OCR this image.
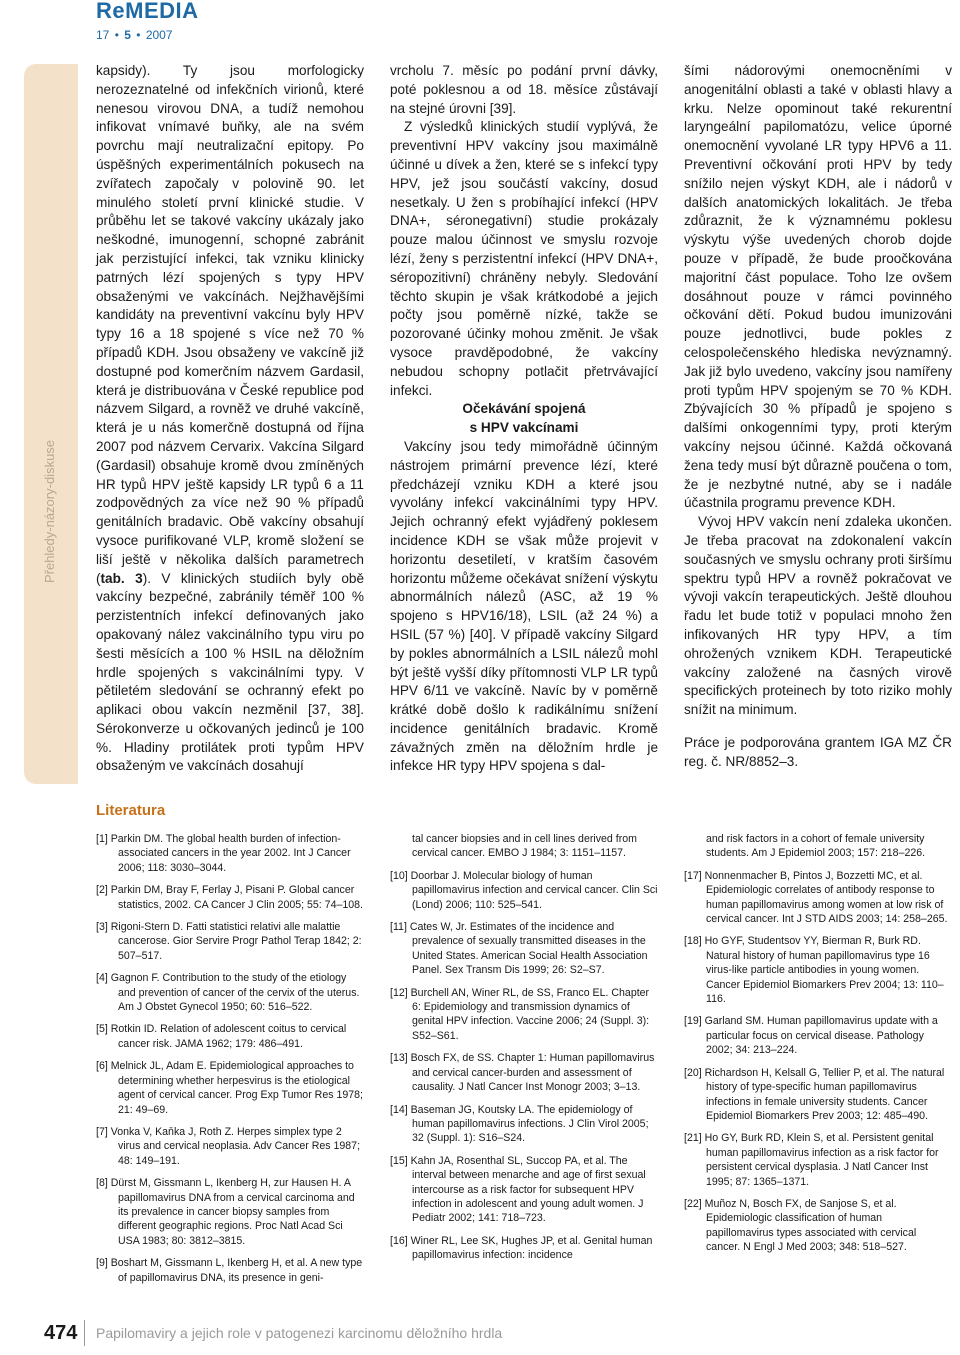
ReMEDIA
17 • 5 • 2007
Přehledy-názory-diskuse

kapsidy). Ty jsou morfologicky nerozeznatelné od infekčních virionů, které nenesou virovou DNA, a tudíž nemohou infikovat vnímavé buňky, ale na svém povrchu mají neutralizační epitopy. Po úspěšných experimentálních pokusech na zvířatech započaly v polovině 90. let minulého století první klinické studie. V průběhu let se takové vakcíny ukázaly jako neškodné, imunogenní, schopné zabránit jak perzistující infekci, tak vzniku klinicky patrných lézí spojených s typy HPV obsaženými ve vakcínách. Nejžhavějšími kandidáty na preventivní vakcínu byly HPV typy 16 a 18 spojené s více než 70 % případů KDH. Jsou obsaženy ve vakcíně již dostupné pod komerčním názvem Gardasil, která je distribuována v České republice pod názvem Silgard, a rovněž ve druhé vakcíně, která je u nás komerčně dostupná od října 2007 pod názvem Cervarix. Vakcína Silgard (Gardasil) obsahuje kromě dvou zmíněných HR typů HPV ještě kapsidy LR typů 6 a 11 zodpovědných za více než 90 % případů genitálních bradavic. Obě vakcíny obsahují vysoce purifikované VLP, kromě složení se liší ještě v několika dalších parametrech (tab. 3). V klinických studiích byly obě vakcíny bezpečné, zabránily téměř 100 % perzistentních infekcí definovaných jako opakovaný nález vakcinálního typu viru po šesti měsících a 100 % HSIL na děložním hrdle spojených s vakcinálními typy. V pětiletém sledování se ochranný efekt po aplikaci obou vakcín nezměnil [37, 38]. Sérokonverze u očkovaných jedinců je 100 %. Hladiny protilátek proti typům HPV obsaženým ve vakcínách dosahují

vrcholu 7. měsíc po podání první dávky, poté poklesnou a od 18. měsíce zůstávají na stejné úrovni [39].

Z výsledků klinických studií vyplývá, že preventivní HPV vakcíny jsou maximálně účinné u dívek a žen, které se s infekcí typy HPV, jež jsou součástí vakcíny, dosud nesetkaly. U žen s probíhající infekcí (HPV DNA+, séronegativní) studie prokázaly pouze malou účinnost ve smyslu rozvoje lézí, ženy s perzistentní infekcí (HPV DNA+, séropozitivní) chráněny nebyly. Sledování těchto skupin je však krátkodobé a jejich počty jsou poměrně nízké, takže se pozorované účinky mohou změnit. Je však vysoce pravděpodobné, že vakcíny nebudou schopny potlačit přetrvávající infekci.

Očekávání spojená
s HPV vakcínami

Vakcíny jsou tedy mimořádně účinným nástrojem primární prevence lézí, které předcházejí vzniku KDH a které jsou vyvolány infekcí vakcinálními typy HPV. Jejich ochranný efekt vyjádřený poklesem incidence KDH se však může projevit v horizontu desetiletí, v kratším časovém horizontu můžeme očekávat snížení výskytu abnormálních nálezů (ASC, až 19 % spojeno s HPV16/18), LSIL (až 24 %) a HSIL (57 %) [40]. V případě vakcíny Silgard by pokles abnormálních a LSIL nálezů mohl být ještě vyšší díky přítomnosti VLP LR typů HPV 6/11 ve vakcíně. Navíc by v poměrně krátké době došlo k radikálnímu snížení incidence genitálních bradavic. Kromě závažných změn na děložním hrdle je infekce HR typy HPV spojena s dal-

šími nádorovými onemocněními v anogenitální oblasti a také v oblasti hlavy a krku. Nelze opominout také rekurentní laryngeální papilomatózu, velice úporné onemocnění vyvolané LR typy HPV6 a 11. Preventivní očkování proti HPV by tedy snížilo nejen výskyt KDH, ale i nádorů v dalších anatomických lokalitách. Je třeba zdůraznit, že k významnému poklesu výskytu výše uvedených chorob dojde pouze v případě, že bude proočkována majoritní část populace. Toho lze ovšem dosáhnout pouze v rámci povinného očkování dětí. Pokud budou imunizováni pouze jednotlivci, bude pokles z celospolečenského hlediska nevýznamný. Jak již bylo uvedeno, vakcíny jsou namířeny proti typům HPV spojeným se 70 % KDH. Zbývajících 30 % případů je spojeno s dalšími onkogenními typy, proti kterým vakcíny nejsou účinné. Každá očkovaná žena tedy musí být důrazně poučena o tom, že je nezbytné nutné, aby se i nadále účastnila programu prevence KDH.

Vývoj HPV vakcín není zdaleka ukončen. Je třeba pracovat na zdokonalení vakcín současných ve smyslu ochrany proti širšímu spektru typů HPV a rovněž pokračovat ve vývoji vakcín terapeutických. Ještě dlouhou řadu let bude totiž v populaci mnoho žen infikovaných HR typy HPV, a tím ohrožených vznikem KDH. Terapeutické vakcíny založené na časných virově specifických proteinech by toto riziko mohly snížit na minimum.

Práce je podporována grantem IGA MZ ČR reg. č. NR/8852–3.

Literatura

[1] Parkin DM. The global health burden of infection-associated cancers in the year 2002. Int J Cancer 2006; 118: 3030–3044.

[2] Parkin DM, Bray F, Ferlay J, Pisani P. Global cancer statistics, 2002. CA Cancer J Clin 2005; 55: 74–108.

[3] Rigoni-Stern D. Fatti statistici relativi alle malattie cancerose. Gior Servire Progr Pathol Terap 1842; 2: 507–517.

[4] Gagnon F. Contribution to the study of the etiology and prevention of cancer of the cervix of the uterus. Am J Obstet Gynecol 1950; 60: 516–522.

[5] Rotkin ID. Relation of adolescent coitus to cervical cancer risk. JAMA 1962; 179: 486–491.

[6] Melnick JL, Adam E. Epidemiological approaches to determining whether herpesvirus is the etiological agent of cervical cancer. Prog Exp Tumor Res 1978; 21: 49–69.

[7] Vonka V, Kaňka J, Roth Z. Herpes simplex type 2 virus and cervical neoplasia. Adv Cancer Res 1987; 48: 149–191.

[8] Dürst M, Gissmann L, Ikenberg H, zur Hausen H. A papillomavirus DNA from a cervical carcinoma and its prevalence in cancer biopsy samples from different geographic regions. Proc Natl Acad Sci USA 1983; 80: 3812–3815.

[9] Boshart M, Gissmann L, Ikenberg H, et al. A new type of papillomavirus DNA, its presence in geni-

tal cancer biopsies and in cell lines derived from cervical cancer. EMBO J 1984; 3: 1151–1157.

[10] Doorbar J. Molecular biology of human papillomavirus infection and cervical cancer. Clin Sci (Lond) 2006; 110: 525–541.

[11] Cates W, Jr. Estimates of the incidence and prevalence of sexually transmitted diseases in the United States. American Social Health Association Panel. Sex Transm Dis 1999; 26: S2–S7.

[12] Burchell AN, Winer RL, de SS, Franco EL. Chapter 6: Epidemiology and transmission dynamics of genital HPV infection. Vaccine 2006; 24 (Suppl. 3): S52–S61.

[13] Bosch FX, de SS. Chapter 1: Human papillomavirus and cervical cancer-burden and assessment of causality. J Natl Cancer Inst Monogr 2003; 3–13.

[14] Baseman JG, Koutsky LA. The epidemiology of human papillomavirus infections. J Clin Virol 2005; 32 (Suppl. 1): S16–S24.

[15] Kahn JA, Rosenthal SL, Succop PA, et al. The interval between menarche and age of first sexual intercourse as a risk factor for subsequent HPV infection in adolescent and young adult women. J Pediatr 2002; 141: 718–723.

[16] Winer RL, Lee SK, Hughes JP, et al. Genital human papillomavirus infection: incidence

and risk factors in a cohort of female university students. Am J Epidemiol 2003; 157: 218–226.

[17] Nonnenmacher B, Pintos J, Bozzetti MC, et al. Epidemiologic correlates of antibody response to human papillomavirus among women at low risk of cervical cancer. Int J STD AIDS 2003; 14: 258–265.

[18] Ho GYF, Studentsov YY, Bierman R, Burk RD. Natural history of human papillomavirus type 16 virus-like particle antibodies in young women. Cancer Epidemiol Biomarkers Prev 2004; 13: 110–116.

[19] Garland SM. Human papillomavirus update with a particular focus on cervical disease. Pathology 2002; 34: 213–224.

[20] Richardson H, Kelsall G, Tellier P, et al. The natural history of type-specific human papillomavirus infections in female university students. Cancer Epidemiol Biomarkers Prev 2003; 12: 485–490.

[21] Ho GY, Burk RD, Klein S, et al. Persistent genital human papillomavirus infection as a risk factor for persistent cervical dysplasia. J Natl Cancer Inst 1995; 87: 1365–1371.

[22] Muñoz N, Bosch FX, de Sanjose S, et al. Epidemiologic classification of human papillomavirus types associated with cervical cancer. N Engl J Med 2003; 348: 518–527.

474 Papilomaviry a jejich role v patogenezi karcinomu děložního hrdla
